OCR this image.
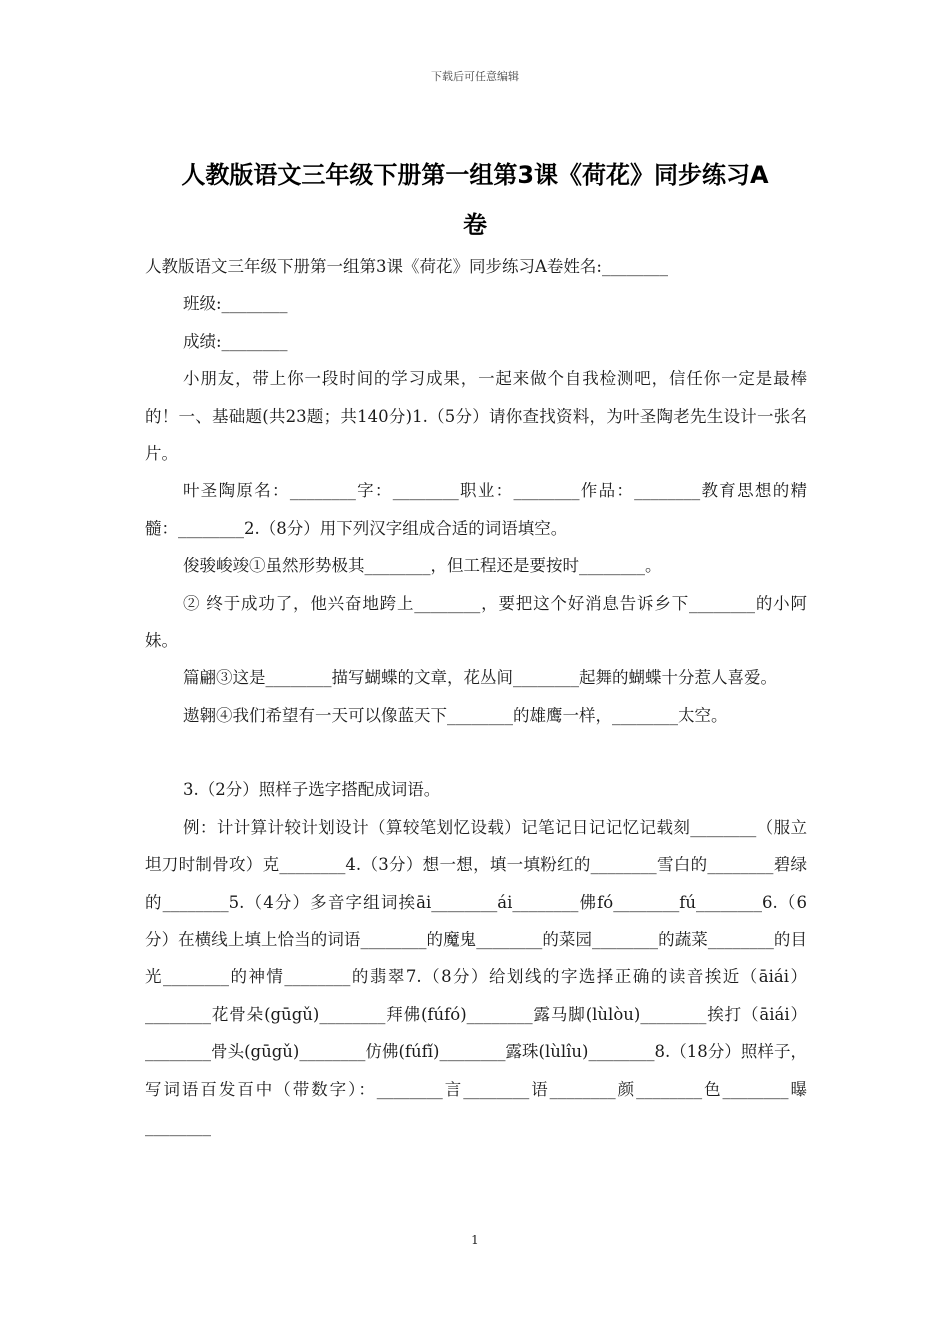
下载后可任意编辑
人教版语文三年级下册第一组第3课《荷花》同步练习A
卷

人教版语文三年级下册第一组第3课《荷花》同步练习A卷姓名:________

班级:________

成绩:________

小朋友，带上你一段时间的学习成果，一起来做个自我检测吧，信任你一定是最棒的！一、基础题(共23题；共140分)1.（5分）请你查找资料，为叶圣陶老先生设计一张名片。

叶圣陶原名：________字：________职业：________作品：________教育思想的精髓：________2.（8分）用下列汉字组成合适的词语填空。

俊骏峻竣①虽然形势极其________，但工程还是要按时________。

② 终于成功了，他兴奋地跨上________，要把这个好消息告诉乡下________的小阿妹。

篇翩③这是________描写蝴蝶的文章，花丛间________起舞的蝴蝶十分惹人喜爱。

遨翱④我们希望有一天可以像蓝天下________的雄鹰一样，________太空。

3.（2分）照样子选字搭配成词语。

例：计计算计较计划设计（算较笔划忆设载）记笔记日记记忆记载刻________（服立坦刀时制骨攻）克________4.（3分）想一想，填一填粉红的________雪白的________碧绿的________5.（4分）多音字组词挨āi________ái________佛fó________fú________6.（6分）在横线上填上恰当的词语________的魔鬼________的菜园________的蔬菜________的目光________的神情________的翡翠7.（8分）给划线的字选择正确的读音挨近（āiái）________花骨朵(gūgǔ)________拜佛(fúfó)________露马脚(lùlòu)________挨打（āiái）________骨头(gūgǔ)________仿佛(fúfǐ)________露珠(lùlîu)________8.（18分）照样子，写词语百发百中（带数字）：________言________语________颜________色________曝________

1
